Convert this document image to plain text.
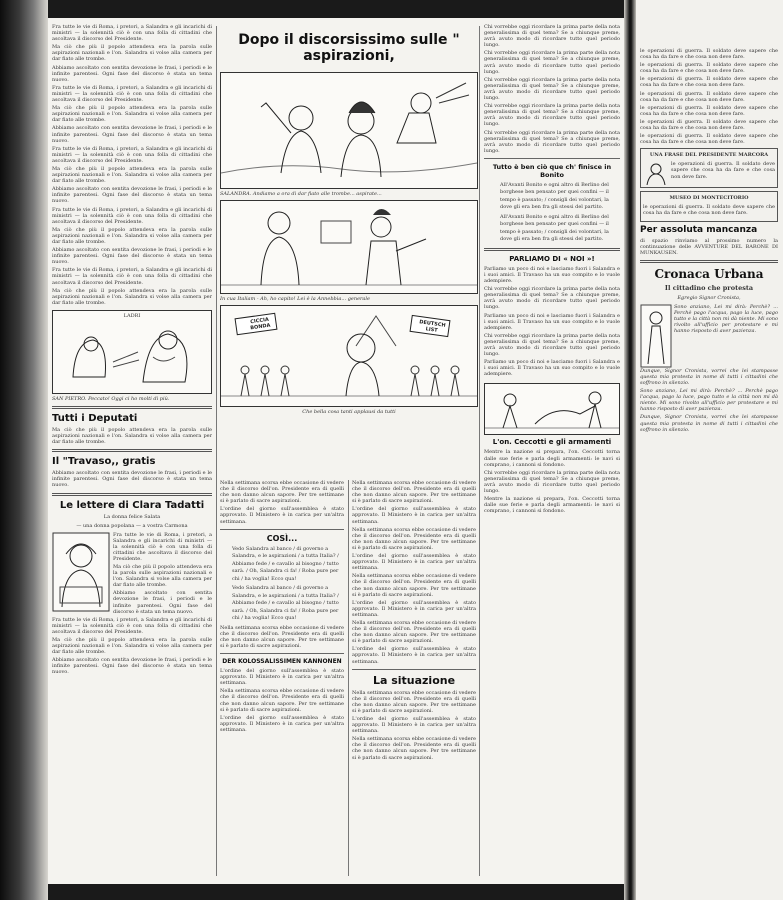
Fra tutte le vie di Roma, i pretori, a Salandra e gli incarichi di ministri — la solennità ciò è con una folla di cittadini che ascoltava il discorso del Presidente.

Ma ciò che più il popolo attendeva era la parola sulle aspirazioni nazionali e l'on. Salandra si volse alla camera per dar fiato alle trombe.

Abbiamo ascoltato con sentita devozione le frasi, i periodi e le infinite parentesi. Ogni fase del discorso è stata un tema nuovo.

Fra tutte le vie di Roma, i pretori, a Salandra e gli incarichi di ministri — la solennità ciò è con una folla di cittadini che ascoltava il discorso del Presidente.

Ma ciò che più il popolo attendeva era la parola sulle aspirazioni nazionali e l'on. Salandra si volse alla camera per dar fiato alle trombe.

Abbiamo ascoltato con sentita devozione le frasi, i periodi e le infinite parentesi. Ogni fase del discorso è stata un tema nuovo.

Fra tutte le vie di Roma, i pretori, a Salandra e gli incarichi di ministri — la solennità ciò è con una folla di cittadini che ascoltava il discorso del Presidente.

Ma ciò che più il popolo attendeva era la parola sulle aspirazioni nazionali e l'on. Salandra si volse alla camera per dar fiato alle trombe.

Abbiamo ascoltato con sentita devozione le frasi, i periodi e le infinite parentesi. Ogni fase del discorso è stata un tema nuovo.

Fra tutte le vie di Roma, i pretori, a Salandra e gli incarichi di ministri — la solennità ciò è con una folla di cittadini che ascoltava il discorso del Presidente.

Ma ciò che più il popolo attendeva era la parola sulle aspirazioni nazionali e l'on. Salandra si volse alla camera per dar fiato alle trombe.

Abbiamo ascoltato con sentita devozione le frasi, i periodi e le infinite parentesi. Ogni fase del discorso è stata un tema nuovo.

Fra tutte le vie di Roma, i pretori, a Salandra e gli incarichi di ministri — la solennità ciò è con una folla di cittadini che ascoltava il discorso del Presidente.

Ma ciò che più il popolo attendeva era la parola sulle aspirazioni nazionali e l'on. Salandra si volse alla camera per dar fiato alle trombe.

LADRI

SAN PIETRO. Peccato! Oggi ci ho molti di più.

Tutti i Deputati

Ma ciò che più il popolo attendeva era la parola sulle aspirazioni nazionali e l'on. Salandra si volse alla camera per dar fiato alle trombe.

Il "Travaso,, gratis

Abbiamo ascoltato con sentita devozione le frasi, i periodi e le infinite parentesi. Ogni fase del discorso è stata un tema nuovo.

Le lettere di Clara Tadatti
La donna felice Salata
— una donna popolana — a vostra Carmona

Fra tutte le vie di Roma, i pretori, a Salandra e gli incarichi di ministri — la solennità ciò è con una folla di cittadini che ascoltava il discorso del Presidente.

Ma ciò che più il popolo attendeva era la parola sulle aspirazioni nazionali e l'on. Salandra si volse alla camera per dar fiato alle trombe.

Abbiamo ascoltato con sentita devozione le frasi, i periodi e le infinite parentesi. Ogni fase del discorso è stata un tema nuovo.

Fra tutte le vie di Roma, i pretori, a Salandra e gli incarichi di ministri — la solennità ciò è con una folla di cittadini che ascoltava il discorso del Presidente.

Ma ciò che più il popolo attendeva era la parola sulle aspirazioni nazionali e l'on. Salandra si volse alla camera per dar fiato alle trombe.

Abbiamo ascoltato con sentita devozione le frasi, i periodi e le infinite parentesi. Ogni fase del discorso è stata un tema nuovo.

Dopo il discorsissimo sulle " aspirazioni,

SALANDRA. Andiamo a ora di dar fiato alle trombe... aspirate...

In cua Italiam - Ah, ho capito! Lei è la Annebbia... generale

CICCIA BONDA	DEUTSCH LIST

Che bella cosa tanti applausi da tutti

Nella settimana scorsa ebbe occasione di vedere che il discorso dell'on. Presidente era di quelli che non danno alcun sapore. Per tre settimane si è parlato di sacre aspirazioni.

L'ordine del giorno sull'assemblea è stato approvato. Il Ministero è in carica per un'altra settimana.

COSÌ...

Vedo Salandra al banco / di governo a Salandra, e le aspirazioni / a tutta Italia? / Abbiamo fede / e cavallo al bisogno / tutto sarà. / Oh, Salandra ci fa! / Roba pure per chi / ha voglia! Ecco qua!

Vedo Salandra al banco / di governo a Salandra, e le aspirazioni / a tutta Italia? / Abbiamo fede / e cavallo al bisogno / tutto sarà. / Oh, Salandra ci fa! / Roba pure per chi / ha voglia! Ecco qua!

Nella settimana scorsa ebbe occasione di vedere che il discorso dell'on. Presidente era di quelli che non danno alcun sapore. Per tre settimane si è parlato di sacre aspirazioni.

DER KOLOSSALISSIMEN KANNONEN

L'ordine del giorno sull'assemblea è stato approvato. Il Ministero è in carica per un'altra settimana.

Nella settimana scorsa ebbe occasione di vedere che il discorso dell'on. Presidente era di quelli che non danno alcun sapore. Per tre settimane si è parlato di sacre aspirazioni.

L'ordine del giorno sull'assemblea è stato approvato. Il Ministero è in carica per un'altra settimana.

Nella settimana scorsa ebbe occasione di vedere che il discorso dell'on. Presidente era di quelli che non danno alcun sapore. Per tre settimane si è parlato di sacre aspirazioni.

L'ordine del giorno sull'assemblea è stato approvato. Il Ministero è in carica per un'altra settimana.

Nella settimana scorsa ebbe occasione di vedere che il discorso dell'on. Presidente era di quelli che non danno alcun sapore. Per tre settimane si è parlato di sacre aspirazioni.

L'ordine del giorno sull'assemblea è stato approvato. Il Ministero è in carica per un'altra settimana.

Nella settimana scorsa ebbe occasione di vedere che il discorso dell'on. Presidente era di quelli che non danno alcun sapore. Per tre settimane si è parlato di sacre aspirazioni.

L'ordine del giorno sull'assemblea è stato approvato. Il Ministero è in carica per un'altra settimana.

Nella settimana scorsa ebbe occasione di vedere che il discorso dell'on. Presidente era di quelli che non danno alcun sapore. Per tre settimane si è parlato di sacre aspirazioni.

L'ordine del giorno sull'assemblea è stato approvato. Il Ministero è in carica per un'altra settimana.

La situazione

Nella settimana scorsa ebbe occasione di vedere che il discorso dell'on. Presidente era di quelli che non danno alcun sapore. Per tre settimane si è parlato di sacre aspirazioni.

L'ordine del giorno sull'assemblea è stato approvato. Il Ministero è in carica per un'altra settimana.

Nella settimana scorsa ebbe occasione di vedere che il discorso dell'on. Presidente era di quelli che non danno alcun sapore. Per tre settimane si è parlato di sacre aspirazioni.

Chi vorrebbe oggi ricordare la prima parte della nota generalissima di quel tema? Se a chiunque preme, avrà avuto modo di ricordare tutto quel periodo lungo.

Chi vorrebbe oggi ricordare la prima parte della nota generalissima di quel tema? Se a chiunque preme, avrà avuto modo di ricordare tutto quel periodo lungo.

Chi vorrebbe oggi ricordare la prima parte della nota generalissima di quel tema? Se a chiunque preme, avrà avuto modo di ricordare tutto quel periodo lungo.

Chi vorrebbe oggi ricordare la prima parte della nota generalissima di quel tema? Se a chiunque preme, avrà avuto modo di ricordare tutto quel periodo lungo.

Chi vorrebbe oggi ricordare la prima parte della nota generalissima di quel tema? Se a chiunque preme, avrà avuto modo di ricordare tutto quel periodo lungo.

Tutto è ben ciò que ch' finisce in Bonito

All'Avanti Bonito e ogni altro di Berlino del borghese ben pensato per quei confini — il tempo è passato; / consigli dei volontari, la dove gli era ben fra gli stessi del partito.

All'Avanti Bonito e ogni altro di Berlino del borghese ben pensato per quei confini — il tempo è passato; / consigli dei volontari, la dove gli era ben fra gli stessi del partito.

PARLIAMO DI « NOI »!

Parliamo un poco di noi e lasciamo fuori i Salandra e i suoi amici. Il Travaso ha un suo compito e lo vuole adempiere.

Chi vorrebbe oggi ricordare la prima parte della nota generalissima di quel tema? Se a chiunque preme, avrà avuto modo di ricordare tutto quel periodo lungo.

Parliamo un poco di noi e lasciamo fuori i Salandra e i suoi amici. Il Travaso ha un suo compito e lo vuole adempiere.

Chi vorrebbe oggi ricordare la prima parte della nota generalissima di quel tema? Se a chiunque preme, avrà avuto modo di ricordare tutto quel periodo lungo.

Parliamo un poco di noi e lasciamo fuori i Salandra e i suoi amici. Il Travaso ha un suo compito e lo vuole adempiere.

L'on. Ceccotti e gli armamenti

Mentre la nazione si prepara, l'on. Ceccotti torna dalle sue ferie e parla degli armamenti: le navi si comprano, i cannoni si fondono.

Chi vorrebbe oggi ricordare la prima parte della nota generalissima di quel tema? Se a chiunque preme, avrà avuto modo di ricordare tutto quel periodo lungo.

Mentre la nazione si prepara, l'on. Ceccotti torna dalle sue ferie e parla degli armamenti: le navi si comprano, i cannoni si fondono.

le operazioni di guerra. Il soldato deve sapere che cosa ha da fare e che cosa non deve fare.

le operazioni di guerra. Il soldato deve sapere che cosa ha da fare e che cosa non deve fare.

le operazioni di guerra. Il soldato deve sapere che cosa ha da fare e che cosa non deve fare.

le operazioni di guerra. Il soldato deve sapere che cosa ha da fare e che cosa non deve fare.

le operazioni di guerra. Il soldato deve sapere che cosa ha da fare e che cosa non deve fare.

le operazioni di guerra. Il soldato deve sapere che cosa ha da fare e che cosa non deve fare.

le operazioni di guerra. Il soldato deve sapere che cosa ha da fare e che cosa non deve fare.

UNA FRASE DEL PRESIDENTE MARCORA

le operazioni di guerra. Il soldato deve sapere che cosa ha da fare e che cosa non deve fare.

MUSEO DI MONTECITORIO

le operazioni di guerra. Il soldato deve sapere che cosa ha da fare e che cosa non deve fare.

Per assoluta mancanza

di spazio rinviamo al prossimo numero la continuazione delle AVVENTURE DEL BARONE DI MUNKAUSEN.

Cronaca Urbana
Il cittadino che protesta
Egregio Signor Cronista,

Sono anziano, Lei mi dirà: Perchè? ... Perchè pago l'acqua, pago la luce, pago tutto e la città non mi dà niente. Mi sono rivolto all'ufficio per protestare e mi hanno risposto di aver pazienza.

Dunque, Signor Cronista, vorrei che lei stampasse questa mia protesta in nome di tutti i cittadini che soffrono in silenzio.

Sono anziano, Lei mi dirà: Perchè? ... Perchè pago l'acqua, pago la luce, pago tutto e la città non mi dà niente. Mi sono rivolto all'ufficio per protestare e mi hanno risposto di aver pazienza.

Dunque, Signor Cronista, vorrei che lei stampasse questa mia protesta in nome di tutti i cittadini che soffrono in silenzio.
